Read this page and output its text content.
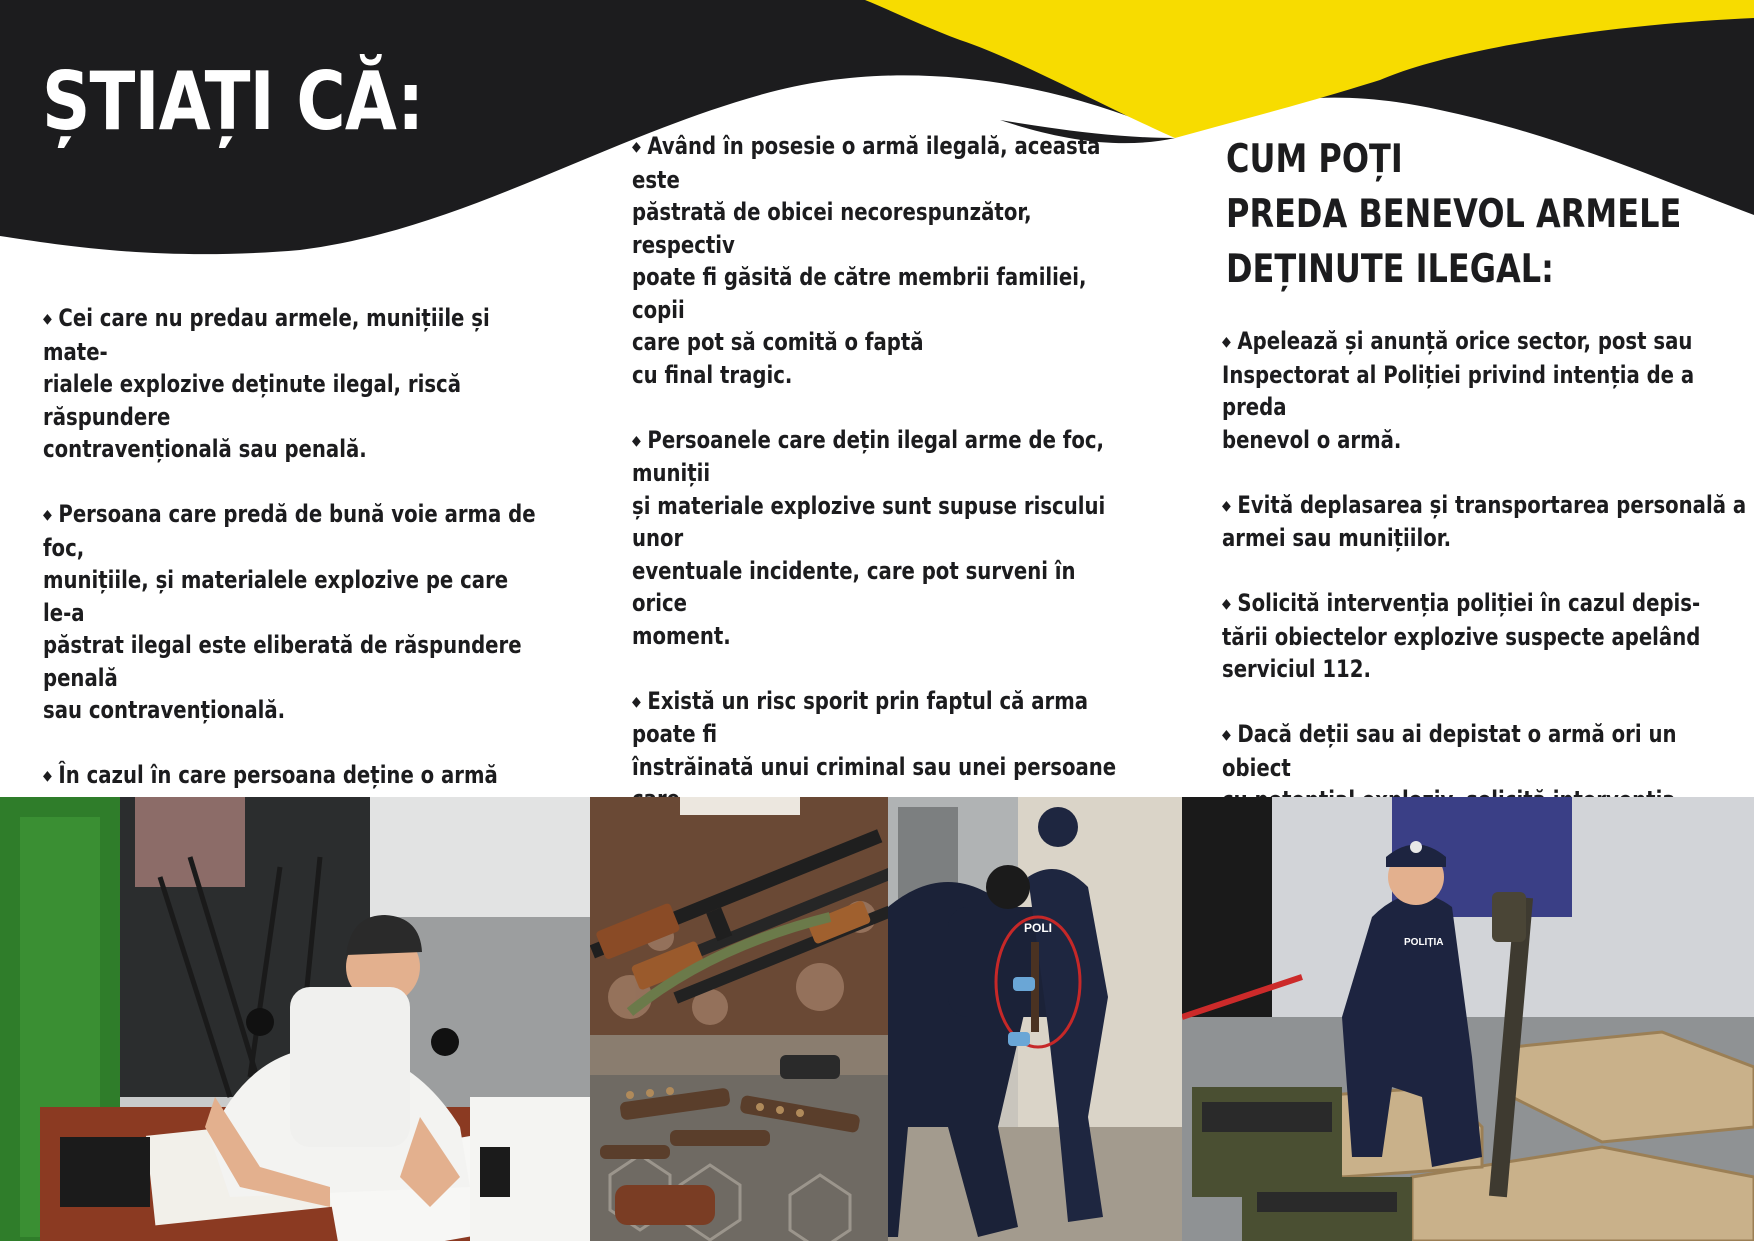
ȘTIAȚI CĂ:

◆ Cei care nu predau armele, munițiile și mate-
rialele explozive deținute ilegal, riscă răspundere
contravențională sau penală.

◆ Persoana care predă de bună voie arma de foc,
munițiile, și materialele explozive pe care le-a
păstrat ilegal este eliberată de răspundere penală
sau contravențională.

◆ În cazul în care persoana deține o armă

◆ Având în posesie o armă ilegală, aceasta este
păstrată de obicei necorespunzător, respectiv
poate fi găsită de către membrii familiei, copii
care pot să comită o faptă
cu final tragic.

◆ Persoanele care dețin ilegal arme de foc, muniții
și materiale explozive sunt supuse riscului unor
eventuale incidente, care pot surveni în orice
moment.

◆ Există un risc sporit prin faptul că arma poate fi
înstrăinată unui criminal sau unei persoane

CUM POȚI
PREDA BENEVOL ARMELE
DEȚINUTE ILEGAL:

◆ Apelează și anunță orice sector, post sau
Inspectorat al Poliției privind intenția de a preda
benevol o armă.

◆ Evită deplasarea și transportarea personală a
armei sau munițiilor.

◆ Solicită intervenția poliției în cazul depis-
tării obiectelor explozive suspecte apelând
serviciul 112.

◆ Dacă deții sau ai depistat o armă ori un obiect

POLI
POLIȚIA
